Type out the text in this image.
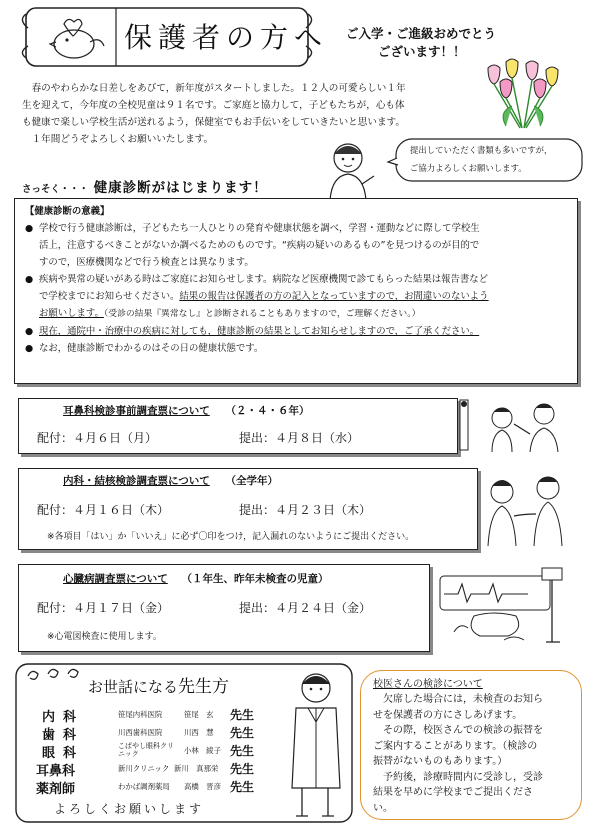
保護者の方へ ご入学・ご進級おめでとう
ございます！！
　春のやわらかな日差しをあびて，新年度がスタートしました。１２人の可愛らしい１年
生を迎えて，今年度の全校児童は９１名です。ご家庭と協力して，子どもたちが，心も体
も健康で楽しい学校生活が送れるよう，保健室でもお手伝いをしていきたいと思います。
　１年間どうぞよろしくお願いいたします。
提出していただく書類も多いですが，
ご協力よろしくお願いします。
さっそく・・・ 健康診断がはじまります！
【健康診断の意義】
● 学校で行う健康診断は，子どもたち一人ひとりの発育や健康状態を調べ，学習・運動などに際して学校生
活上，注意するべきことがないか調べるためのものです。“疾病の疑いのあるもの”を見つけるのが目的で
すので，医療機関などで行う検査とは異なります。
● 疾病や異常の疑いがある時はご家庭にお知らせします。病院など医療機関で診てもらった結果は報告書など
で学校までにお知らせください。結果の報告は保護者の方の記入となっていますので，お間違いのないよう
お願いします。（受診の結果『異常なし』と診断されることもありますので，ご理解ください。）
● 現在，通院中・治療中の疾病に対しても，健康診断の結果としてお知らせしますので，ご了承ください。
● なお，健康診断でわかるのはその日の健康状態です。
耳鼻科検診事前調査票について （２・４・６年）
配付：４月６日（月）	提出：４月８日（水）
内科・結核検診調査票について （全学年）
配付：４月１６日（木）	提出：４月２３日（木）
※各項目「はい」か「いいえ」に必ず〇印をつけ，記入漏れのないようにご提出ください。
心臓病調査票について （１年生、昨年未検査の児童）
配付：４月１７日（金）	提出：４月２４日（金）
※心電図検査に使用します。
お世話になる先生方
内科	笹尾内科医院	笹尾　玄 先生
歯科	川西歯科医院	川西　慧 先生
眼科	こばやし眼科クリニック	小林　綾子 先生
耳鼻科	新川クリニック 新川　真那栄 先生
薬剤師	わかば調剤薬局 高橋　晋彦 先生
よろしくお願いします
校医さんの検診について
欠席した場合には，未検査のお知ら
せを保護者の方にさしあげます。
その際，校医さんでの検診の振替を
ご案内することがあります。（検診の
振替がないものもあります。）
予約後，診療時間内に受診し，受診
結果を早めに学校までご提出くださ
い。
